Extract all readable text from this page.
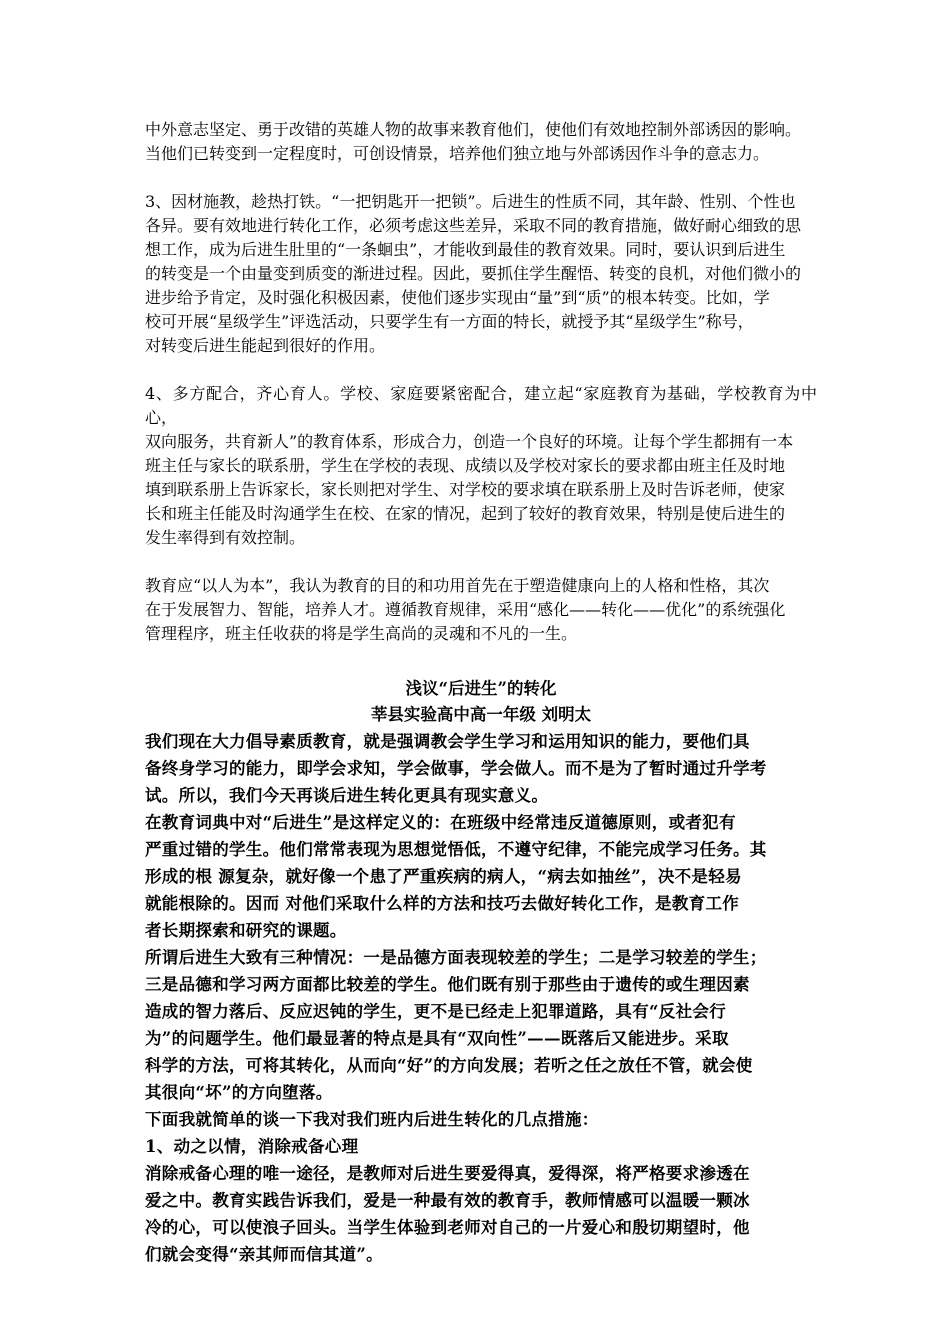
中外意志坚定、勇于改错的英雄人物的故事来教育他们，使他们有效地控制外部诱因的影响。
当他们已转变到一定程度时，可创设情景，培养他们独立地与外部诱因作斗争的意志力。

3、因材施教，趁热打铁。“一把钥匙开一把锁”。后进生的性质不同，其年龄、性别、个性也
各异。要有效地进行转化工作，必须考虑这些差异，采取不同的教育措施，做好耐心细致的思
想工作，成为后进生肚里的“一条蛔虫”，才能收到最佳的教育效果。同时，要认识到后进生
的转变是一个由量变到质变的渐进过程。因此，要抓住学生醒悟、转变的良机，对他们微小的
进步给予肯定，及时强化积极因素，使他们逐步实现由“量”到“质”的根本转变。比如，学
校可开展“星级学生”评选活动，只要学生有一方面的特长，就授予其“星级学生”称号，
对转变后进生能起到很好的作用。

4、多方配合，齐心育人。学校、家庭要紧密配合，建立起“家庭教育为基础，学校教育为中心，
双向服务，共育新人”的教育体系，形成合力，创造一个良好的环境。让每个学生都拥有一本
班主任与家长的联系册，学生在学校的表现、成绩以及学校对家长的要求都由班主任及时地
填到联系册上告诉家长，家长则把对学生、对学校的要求填在联系册上及时告诉老师，使家
长和班主任能及时沟通学生在校、在家的情况，起到了较好的教育效果，特别是使后进生的
发生率得到有效控制。

教育应“以人为本”，我认为教育的目的和功用首先在于塑造健康向上的人格和性格，其次
在于发展智力、智能，培养人才。遵循教育规律，采用“感化——转化——优化”的系统强化
管理程序，班主任收获的将是学生高尚的灵魂和不凡的一生。

浅议“后进生”的转化

莘县实验高中高一年级 刘明太

我们现在大力倡导素质教育，就是强调教会学生学习和运用知识的能力，要他们具
备终身学习的能力，即学会求知，学会做事，学会做人。而不是为了暂时通过升学考
试。所以，我们今天再谈后进生转化更具有现实意义。

在教育词典中对“后进生”是这样定义的：在班级中经常违反道德原则，或者犯有
严重过错的学生。他们常常表现为思想觉悟低，不遵守纪律，不能完成学习任务。其
形成的根 源复杂，就好像一个患了严重疾病的病人，“病去如抽丝”，决不是轻易
就能根除的。因而 对他们采取什么样的方法和技巧去做好转化工作，是教育工作
者长期探索和研究的课题。

所谓后进生大致有三种情况：一是品德方面表现较差的学生；二是学习较差的学生；
三是品德和学习两方面都比较差的学生。他们既有别于那些由于遗传的或生理因素
造成的智力落后、反应迟钝的学生，更不是已经走上犯罪道路，具有“反社会行
为”的问题学生。他们最显著的特点是具有“双向性”——既落后又能进步。采取
科学的方法，可将其转化，从而向“好”的方向发展；若听之任之放任不管，就会使
其很向“坏”的方向堕落。

下面我就简单的谈一下我对我们班内后进生转化的几点措施：

1、动之以情，消除戒备心理

消除戒备心理的唯一途径，是教师对后进生要爱得真，爱得深，将严格要求渗透在
爱之中。教育实践告诉我们，爱是一种最有效的教育手，教师情感可以温暖一颗冰
冷的心，可以使浪子回头。当学生体验到老师对自己的一片爱心和殷切期望时，他
们就会变得“亲其师而信其道”。
